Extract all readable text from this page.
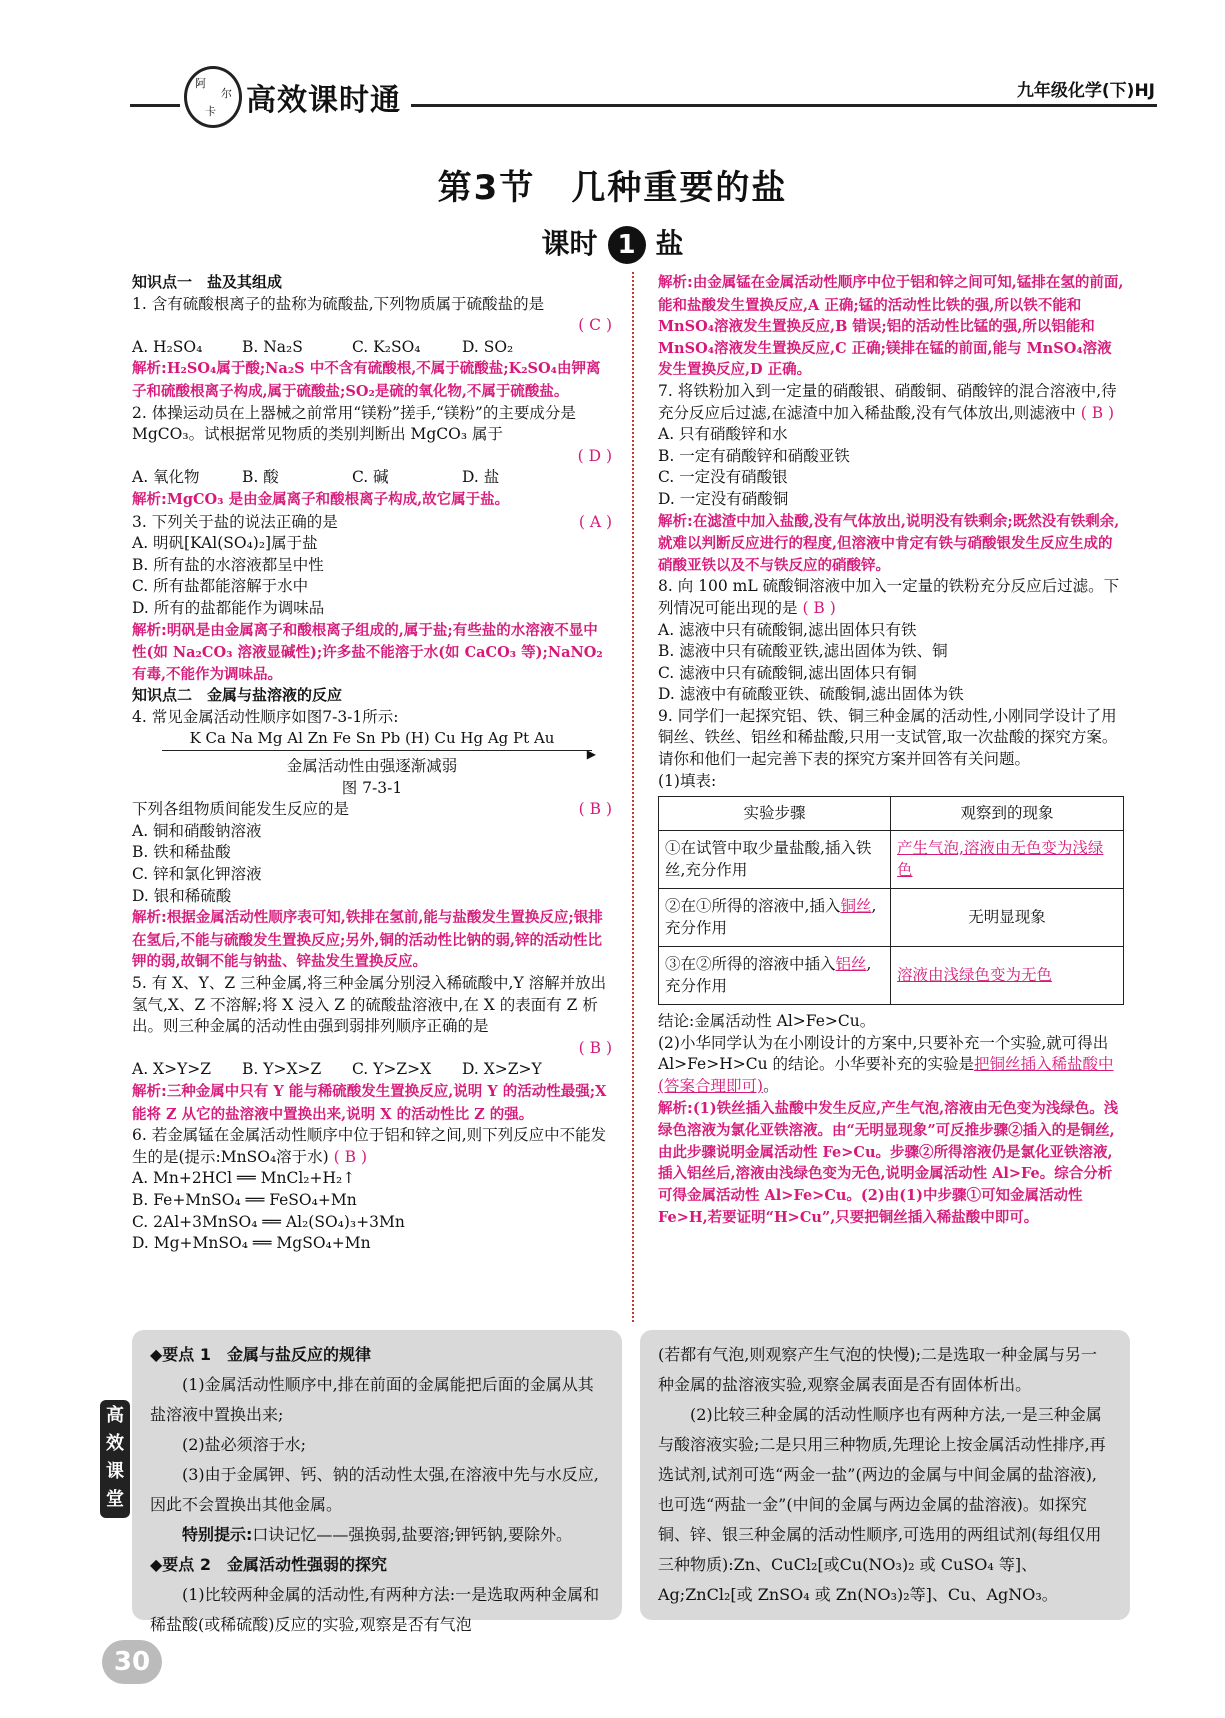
阿
尔
卡 高效课时通	九年级化学(下)HJ
第3节　几种重要的盐
课时 1 盐
知识点一　盐及其组成
1. 含有硫酸根离子的盐称为硫酸盐,下列物质属于硫酸盐的是
( C )
A. H₂SO₄	B. Na₂S	C. K₂SO₄	D. SO₂
解析:H₂SO₄属于酸;Na₂S 中不含有硫酸根,不属于硫酸盐;K₂SO₄由钾离子和硫酸根离子构成,属于硫酸盐;SO₂是硫的氧化物,不属于硫酸盐。
2. 体操运动员在上器械之前常用“镁粉”搓手,“镁粉”的主要成分是 MgCO₃。试根据常见物质的类别判断出 MgCO₃ 属于
( D )
A. 氧化物	B. 酸	C. 碱	D. 盐
解析:MgCO₃ 是由金属离子和酸根离子构成,故它属于盐。
3. 下列关于盐的说法正确的是	( A )
A. 明矾[KAl(SO₄)₂]属于盐
B. 所有盐的水溶液都呈中性
C. 所有盐都能溶解于水中
D. 所有的盐都能作为调味品
解析:明矾是由金属离子和酸根离子组成的,属于盐;有些盐的水溶液不显中性(如 Na₂CO₃ 溶液显碱性);许多盐不能溶于水(如 CaCO₃ 等);NaNO₂ 有毒,不能作为调味品。
知识点二　金属与盐溶液的反应
4. 常见金属活动性顺序如图7-3-1所示:
K Ca Na Mg Al Zn Fe Sn Pb (H) Cu Hg Ag Pt Au
▶
金属活动性由强逐渐减弱
图 7-3-1
下列各组物质间能发生反应的是	( B )
A. 铜和硝酸钠溶液
B. 铁和稀盐酸
C. 锌和氯化钾溶液
D. 银和稀硫酸
解析:根据金属活动性顺序表可知,铁排在氢前,能与盐酸发生置换反应;银排在氢后,不能与硫酸发生置换反应;另外,铜的活动性比钠的弱,锌的活动性比钾的弱,故铜不能与钠盐、锌盐发生置换反应。
5. 有 X、Y、Z 三种金属,将三种金属分别浸入稀硫酸中,Y 溶解并放出氢气,X、Z 不溶解;将 X 浸入 Z 的硫酸盐溶液中,在 X 的表面有 Z 析出。则三种金属的活动性由强到弱排列顺序正确的是
( B )
A. X>Y>Z	B. Y>X>Z	C. Y>Z>X	D. X>Z>Y
解析:三种金属中只有 Y 能与稀硫酸发生置换反应,说明 Y 的活动性最强;X 能将 Z 从它的盐溶液中置换出来,说明 X 的活动性比 Z 的强。
6. 若金属锰在金属活动性顺序中位于铝和锌之间,则下列反应中不能发生的是(提示:MnSO₄溶于水) ( B )
A. Mn+2HCl ══ MnCl₂+H₂↑
B. Fe+MnSO₄ ══ FeSO₄+Mn
C. 2Al+3MnSO₄ ══ Al₂(SO₄)₃+3Mn
D. Mg+MnSO₄ ══ MgSO₄+Mn
解析:由金属锰在金属活动性顺序中位于铝和锌之间可知,锰排在氢的前面,能和盐酸发生置换反应,A 正确;锰的活动性比铁的强,所以铁不能和 MnSO₄溶液发生置换反应,B 错误;铝的活动性比锰的强,所以铝能和 MnSO₄溶液发生置换反应,C 正确;镁排在锰的前面,能与 MnSO₄溶液发生置换反应,D 正确。
7. 将铁粉加入到一定量的硝酸银、硝酸铜、硝酸锌的混合溶液中,待充分反应后过滤,在滤渣中加入稀盐酸,没有气体放出,则滤液中 ( B )
A. 只有硝酸锌和水
B. 一定有硝酸锌和硝酸亚铁
C. 一定没有硝酸银
D. 一定没有硝酸铜
解析:在滤渣中加入盐酸,没有气体放出,说明没有铁剩余;既然没有铁剩余,就难以判断反应进行的程度,但溶液中肯定有铁与硝酸银发生反应生成的硝酸亚铁以及不与铁反应的硝酸锌。
8. 向 100 mL 硫酸铜溶液中加入一定量的铁粉充分反应后过滤。下列情况可能出现的是 ( B )
A. 滤液中只有硫酸铜,滤出固体只有铁
B. 滤液中只有硫酸亚铁,滤出固体为铁、铜
C. 滤液中只有硫酸铜,滤出固体只有铜
D. 滤液中有硫酸亚铁、硫酸铜,滤出固体为铁
9. 同学们一起探究铝、铁、铜三种金属的活动性,小刚同学设计了用铜丝、铁丝、铝丝和稀盐酸,只用一支试管,取一次盐酸的探究方案。请你和他们一起完善下表的探究方案并回答有关问题。
(1)填表:
实验步骤	观察到的现象
①在试管中取少量盐酸,插入铁丝,充分作用	产生气泡,溶液由无色变为浅绿色
②在①所得的溶液中,插入铜丝,充分作用	无明显现象
③在②所得的溶液中插入铝丝,充分作用	溶液由浅绿色变为无色
结论:金属活动性 Al>Fe>Cu。
(2)小华同学认为在小刚设计的方案中,只要补充一个实验,就可得出 Al>Fe>H>Cu 的结论。小华要补充的实验是把铜丝插入稀盐酸中(答案合理即可)。
解析:(1)铁丝插入盐酸中发生反应,产生气泡,溶液由无色变为浅绿色。浅绿色溶液为氯化亚铁溶液。由“无明显现象”可反推步骤②插入的是铜丝,由此步骤说明金属活动性 Fe>Cu。步骤②所得溶液仍是氯化亚铁溶液,插入铝丝后,溶液由浅绿色变为无色,说明金属活动性 Al>Fe。综合分析可得金属活动性 Al>Fe>Cu。(2)由(1)中步骤①可知金属活动性 Fe>H,若要证明“H>Cu”,只要把铜丝插入稀盐酸中即可。
◆要点 1　金属与盐反应的规律

(1)金属活动性顺序中,排在前面的金属能把后面的金属从其盐溶液中置换出来;

(2)盐必须溶于水;

(3)由于金属钾、钙、钠的活动性太强,在溶液中先与水反应,因此不会置换出其他金属。

特别提示:口诀记忆——强换弱,盐要溶;钾钙钠,要除外。

◆要点 2　金属活动性强弱的探究

(1)比较两种金属的活动性,有两种方法:一是选取两种金属和稀盐酸(或稀硫酸)反应的实验,观察是否有气泡

(若都有气泡,则观察产生气泡的快慢);二是选取一种金属与另一种金属的盐溶液实验,观察金属表面是否有固体析出。

(2)比较三种金属的活动性顺序也有两种方法,一是三种金属与酸溶液实验;二是只用三种物质,先理论上按金属活动性排序,再选试剂,试剂可选“两金一盐”(两边的金属与中间金属的盐溶液),也可选“两盐一金”(中间的金属与两边金属的盐溶液)。如探究铜、锌、银三种金属的活动性顺序,可选用的两组试剂(每组仅用三种物质):Zn、CuCl₂[或Cu(NO₃)₂ 或 CuSO₄ 等]、Ag;ZnCl₂[或 ZnSO₄ 或 Zn(NO₃)₂等]、Cu、AgNO₃。

高效课堂
30
